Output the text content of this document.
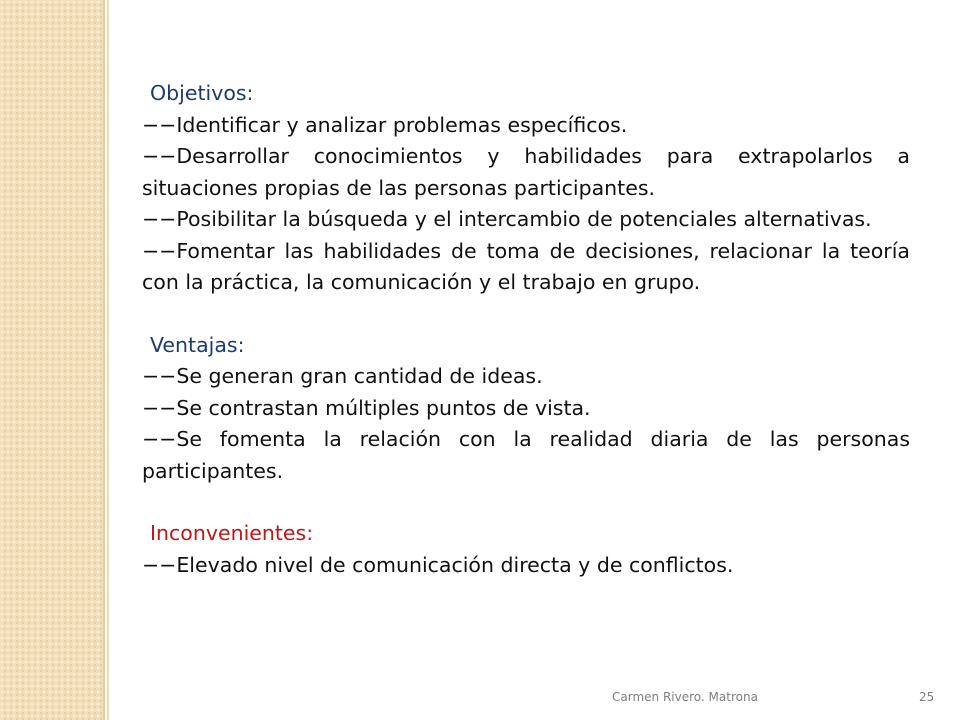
Objetivos:

−−Identificar y analizar problemas específicos.

−−Desarrollar conocimientos y habilidades para extrapolarlos a situaciones propias de las personas participantes.

−−Posibilitar la búsqueda y el intercambio de potenciales alternativas.

−−Fomentar las habilidades de toma de decisiones, relacionar la teoría con la práctica, la comunicación y el trabajo en grupo.

Ventajas:

−−Se generan gran cantidad de ideas.

−−Se contrastan múltiples puntos de vista.

−−Se fomenta la relación con la realidad diaria de las personas participantes.

Inconvenientes:

−−Elevado nivel de comunicación directa y de conflictos.

Carmen Rivero. Matrona	25
